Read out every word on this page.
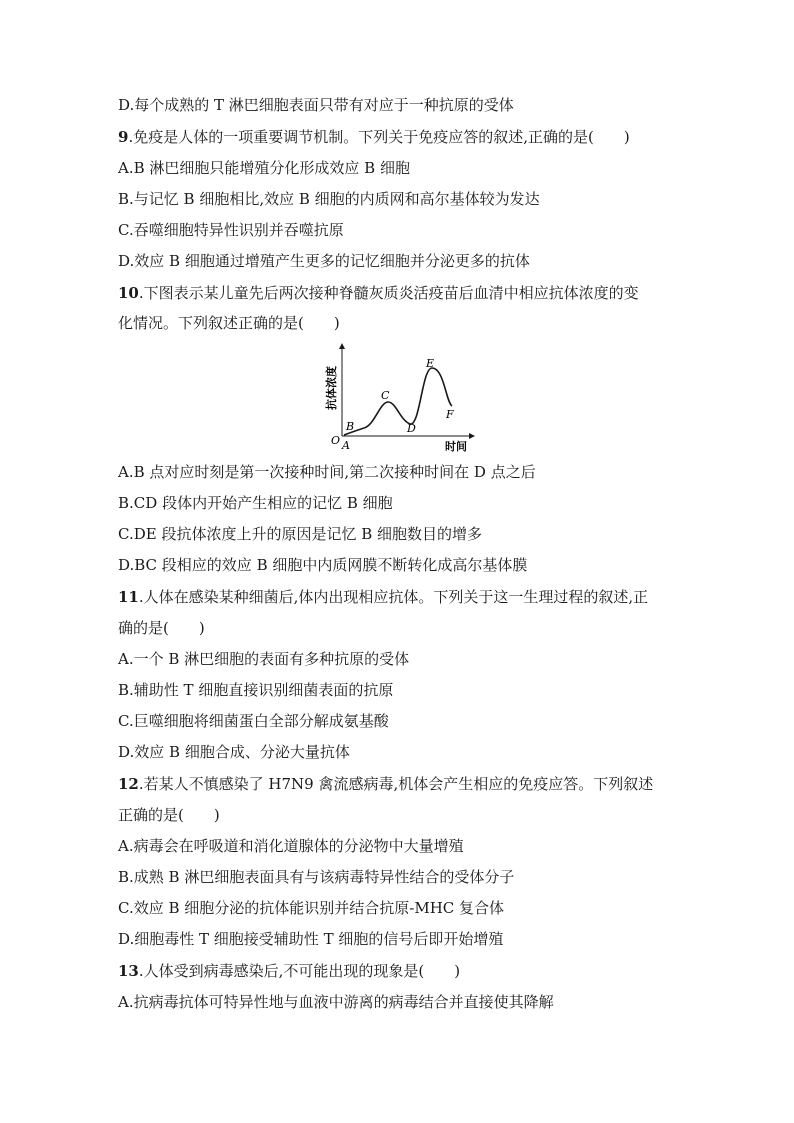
D.每个成熟的 T 淋巴细胞表面只带有对应于一种抗原的受体
9.免疫是人体的一项重要调节机制。下列关于免疫应答的叙述,正确的是(　　)
A.B 淋巴细胞只能增殖分化形成效应 B 细胞
B.与记忆 B 细胞相比,效应 B 细胞的内质网和高尔基体较为发达
C.吞噬细胞特异性识别并吞噬抗原
D.效应 B 细胞通过增殖产生更多的记忆细胞并分泌更多的抗体
10.下图表示某儿童先后两次接种脊髓灰质炎活疫苗后血清中相应抗体浓度的变
化情况。下列叙述正确的是(　　)
抗体浓度
时间
O A
B
C
D
E
F
A.B 点对应时刻是第一次接种时间,第二次接种时间在 D 点之后
B.CD 段体内开始产生相应的记忆 B 细胞
C.DE 段抗体浓度上升的原因是记忆 B 细胞数目的增多
D.BC 段相应的效应 B 细胞中内质网膜不断转化成高尔基体膜
11.人体在感染某种细菌后,体内出现相应抗体。下列关于这一生理过程的叙述,正
确的是(　　)
A.一个 B 淋巴细胞的表面有多种抗原的受体
B.辅助性 T 细胞直接识别细菌表面的抗原
C.巨噬细胞将细菌蛋白全部分解成氨基酸
D.效应 B 细胞合成、分泌大量抗体
12.若某人不慎感染了 H7N9 禽流感病毒,机体会产生相应的免疫应答。下列叙述
正确的是(　　)
A.病毒会在呼吸道和消化道腺体的分泌物中大量增殖
B.成熟 B 淋巴细胞表面具有与该病毒特异性结合的受体分子
C.效应 B 细胞分泌的抗体能识别并结合抗原-MHC 复合体
D.细胞毒性 T 细胞接受辅助性 T 细胞的信号后即开始增殖
13.人体受到病毒感染后,不可能出现的现象是(　　)
A.抗病毒抗体可特异性地与血液中游离的病毒结合并直接使其降解
